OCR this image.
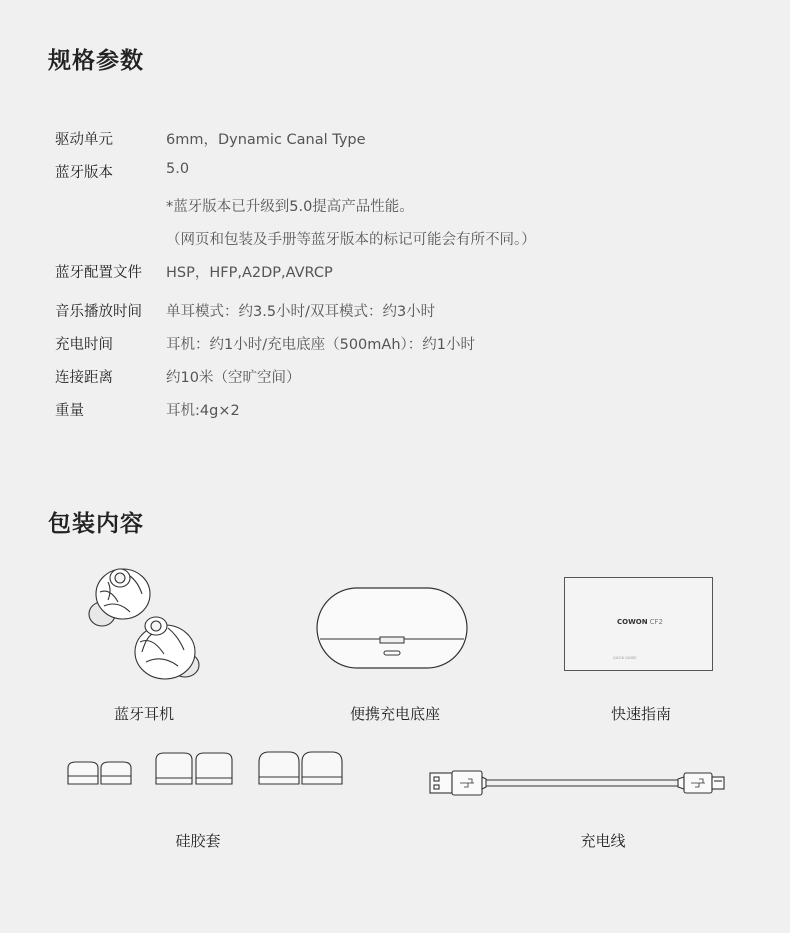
规格参数
驱动单元	6mm，Dynamic Canal Type
蓝牙版本	5.0
*蓝牙版本已升级到5.0提高产品性能。
（网页和包装及手册等蓝牙版本的标记可能会有所不同。）
蓝牙配置文件	HSP，HFP,A2DP,AVRCP
音乐播放时间	单耳模式：约3.5小时/双耳模式：约3小时
充电时间	耳机：约1小时/充电底座（500mAh）：约1小时
连接距离	约10米（空旷空间）
重量	耳机:4g×2
包装内容
COWON CF2
QUICK GUIDE
蓝牙耳机	便携充电底座	快速指南
硅胶套	充电线
